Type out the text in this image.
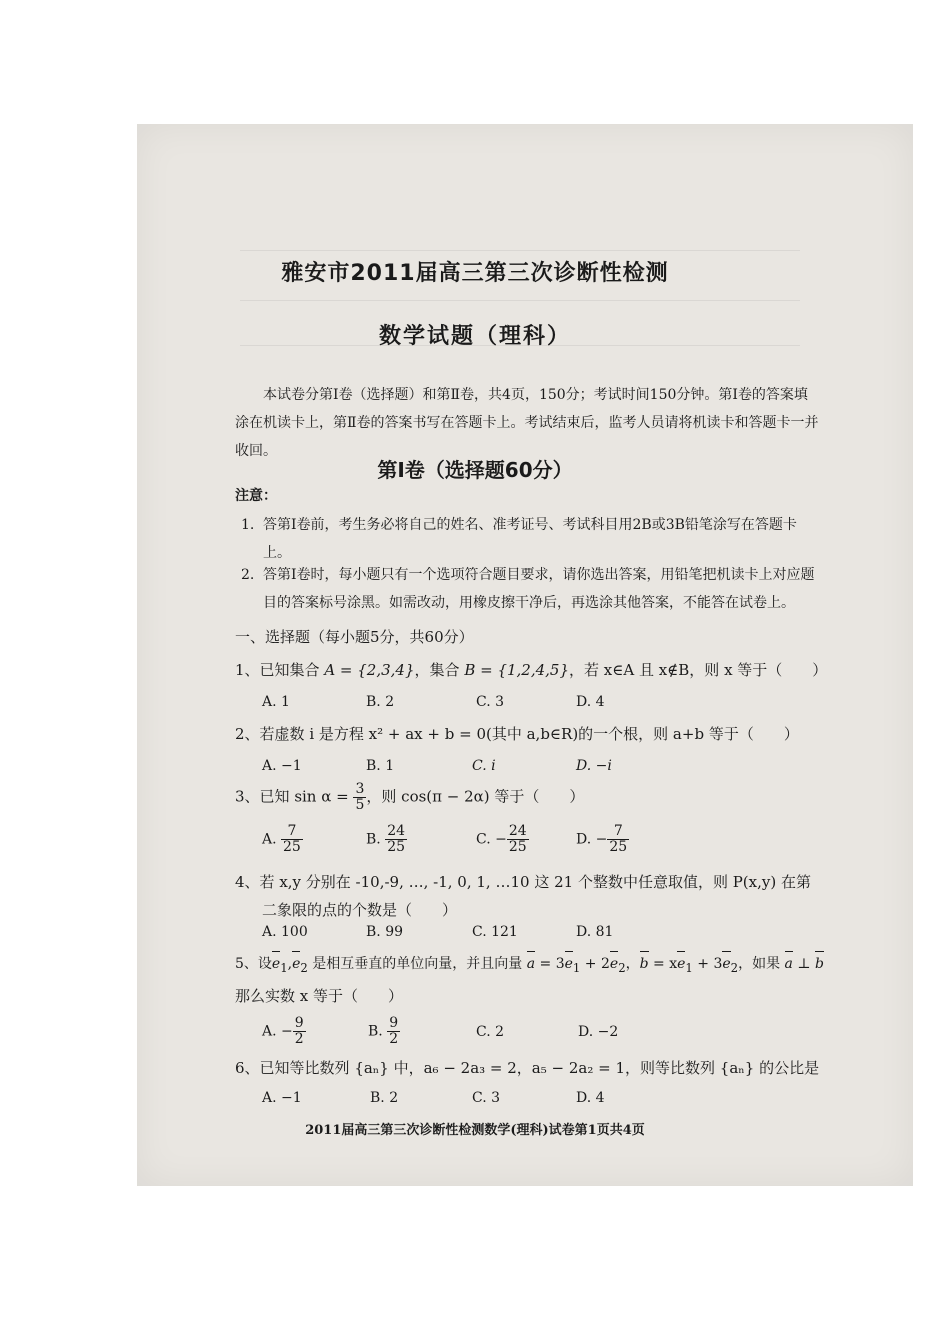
雅安市2011届高三第三次诊断性检测
数学试题（理科）
本试卷分第Ⅰ卷（选择题）和第Ⅱ卷，共4页，150分；考试时间150分钟。第Ⅰ卷的答案填涂在机读卡上，第Ⅱ卷的答案书写在答题卡上。考试结束后，监考人员请将机读卡和答题卡一并收回。
第Ⅰ卷（选择题60分）
注意：
1. 答第Ⅰ卷前，考生务必将自己的姓名、准考证号、考试科目用2B或3B铅笔涂写在答题卡上。
2. 答第Ⅰ卷时，每小题只有一个选项符合题目要求，请你选出答案，用铅笔把机读卡上对应题目的答案标号涂黑。如需改动，用橡皮擦干净后，再选涂其他答案，不能答在试卷上。
一、选择题（每小题5分，共60分）
1、已知集合 A = {2,3,4}，集合 B = {1,2,4,5}，若 x∈A 且 x∉B，则 x 等于（　　）
A. 1	B. 2	C. 3	D. 4
2、若虚数 i 是方程 x² + ax + b = 0(其中 a,b∈R)的一个根，则 a+b 等于（　　）
A. −1	B. 1	C. i	D. −i
3、已知 $\sin \alpha = \frac{3}{5}$ ，则 cos(π − 2α) 等于（　　）
A. $\frac{7}{25}$	B. $\frac{24}{25}$	C. − $\frac{24}{25}$	D. − $\frac{7}{25}$
4、若 x,y 分别在 -10,-9, …, -1, 0, 1, …10 这 21 个整数中任意取值，则 P(x,y) 在第
二象限的点的个数是（　　）
A. 100	B. 99	C. 121	D. 81
5、设$e_1,e_2$ 是相互垂直的单位向量，并且向量 $a = 3e_1 + 2e_2$，$b = xe_1 + 3e_2$，如果 a ⊥ b
那么实数 x 等于（　　）
A. − $\frac{9}{2}$	B. $\frac{9}{2}$	C. 2	D. −2
6、已知等比数列 {aₙ} 中，a₆ − 2a₃ = 2，a₅ − 2a₂ = 1，则等比数列 {aₙ} 的公比是
A. −1	B. 2	C. 3	D. 4
2011届高三第三次诊断性检测数学(理科)试卷第1页共4页
